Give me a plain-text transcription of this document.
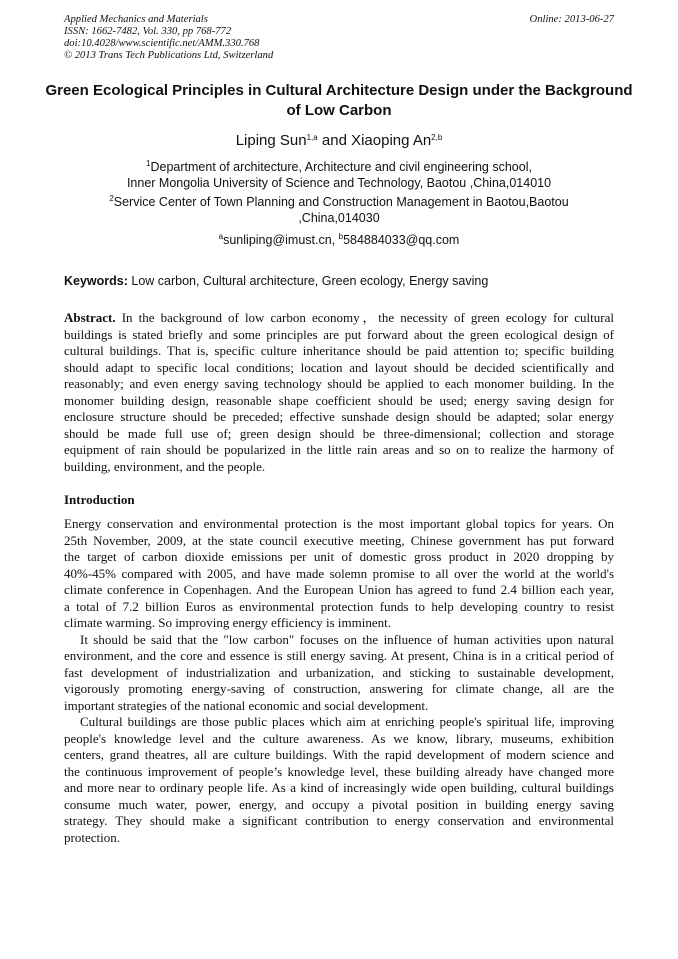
Applied Mechanics and Materials
ISSN: 1662-7482, Vol. 330, pp 768-772
doi:10.4028/www.scientific.net/AMM.330.768
© 2013 Trans Tech Publications Ltd, Switzerland
Online: 2013-06-27
Green Ecological Principles in Cultural Architecture Design under the Background of Low Carbon
Liping Sun$^{1,a}$ and Xiaoping An$^{2,b}$
$^1$Department of architecture, Architecture and civil engineering school,
Inner Mongolia University of Science and Technology, Baotou ,China,014010
$^2$Service Center of Town Planning and Construction Management in Baotou,Baotou
,China,014030
$^a$sunliping@imust.cn, $^b$584884033@qq.com
Keywords: Low carbon, Cultural architecture, Green ecology, Energy saving
Abstract. In the background of low carbon economy，the necessity of green ecology for cultural
buildings is stated briefly and some principles are put forward about the green ecological design of
cultural buildings. That is, specific culture inheritance should be paid attention to; specific building
should adapt to specific local conditions; location and layout should be decided scientifically and
reasonably; and even energy saving technology should be applied to each monomer building. In the
monomer building design, reasonable shape coefficient should be used; energy saving design for
enclosure structure should be preceded; effective sunshade design should be adapted; solar energy
should be made full use of; green design should be three-dimensional; collection and storage
equipment of rain should be popularized in the little rain areas and so on to realize the harmony of
building, environment, and the people.
Introduction
Energy conservation and environmental protection is the most important global topics for years. On
25th November, 2009, at the state council executive meeting, Chinese government has put forward
the target of carbon dioxide emissions per unit of domestic gross product in 2020 dropping by
40%-45% compared with 2005, and have made solemn promise to all over the world at the world's
climate conference in Copenhagen. And the European Union has agreed to fund 2.4 billion each year,
a total of 7.2 billion Euros as environmental protection funds to help developing country to resist
climate warming. So improving energy efficiency is imminent.
It should be said that the "low carbon" focuses on the influence of human activities upon natural
environment, and the core and essence is still energy saving. At present, China is in a critical period of
fast development of industrialization and urbanization, and sticking to sustainable development,
vigorously promoting energy-saving of construction, answering for climate change, all are the
important strategies of the national economic and social development.
Cultural buildings are those public places which aim at enriching people's spiritual life, improving
people's knowledge level and the culture awareness. As we know, library, museums, exhibition
centers, grand theatres, all are culture buildings. With the rapid development of modern science and
the continuous improvement of people’s knowledge level, these building already have changed more
and more near to ordinary people life. As a kind of increasingly wide open building, cultural buildings
consume much water, power, energy, and occupy a pivotal position in building energy saving
strategy. They should make a significant contribution to energy conservation and environmental
protection.
